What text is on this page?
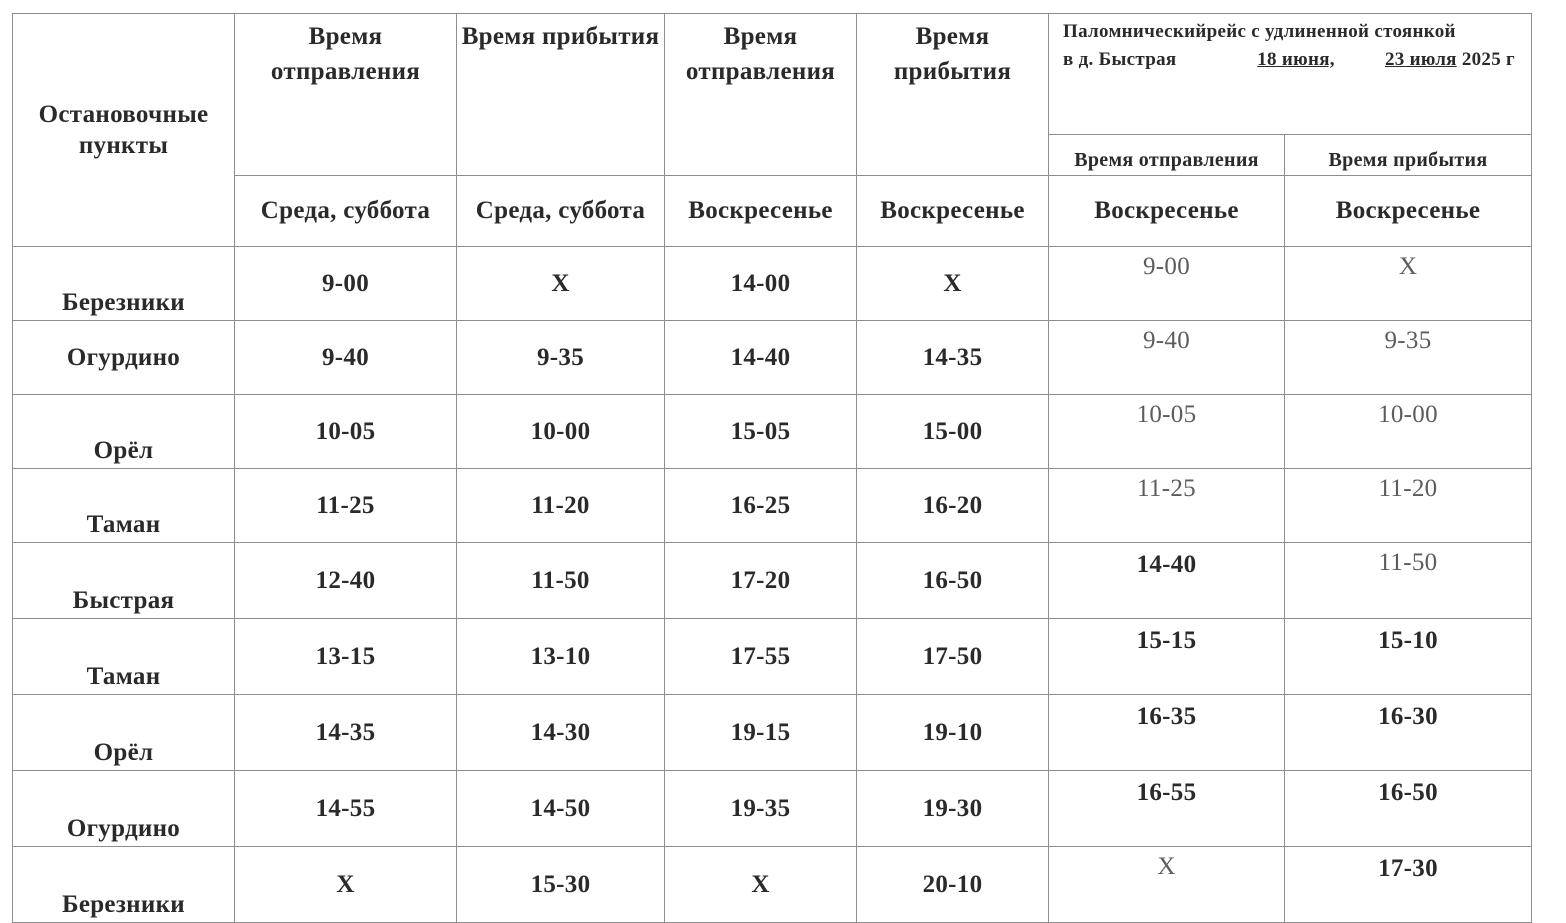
Остановочные пункты	Время отправления	Время прибытия	Время отправления	Время прибытия	Паломническийрейс с удлиненной стоянкой
в д. Быстрая 18 июня, 23 июля 2025 г	

					Время отправления	Время прибытия
	Среда, суббота	Среда, суббота	Воскресенье	Воскресенье	Воскресенье	Воскресенье
Березники	9-00	Х	14-00	Х	9-00	Х
Огурдино	9-40	9-35	14-40	14-35	9-40	9-35
Орёл	10-05	10-00	15-05	15-00	10-05	10-00
Таман	11-25	11-20	16-25	16-20	11-25	11-20
Быстрая	12-40	11-50	17-20	16-50	14-40	11-50
Таман	13-15	13-10	17-55	17-50	15-15	15-10
Орёл	14-35	14-30	19-15	19-10	16-35	16-30
Огурдино	14-55	14-50	19-35	19-30	16-55	16-50
Березники	Х	15-30	Х	20-10	Х	17-30
